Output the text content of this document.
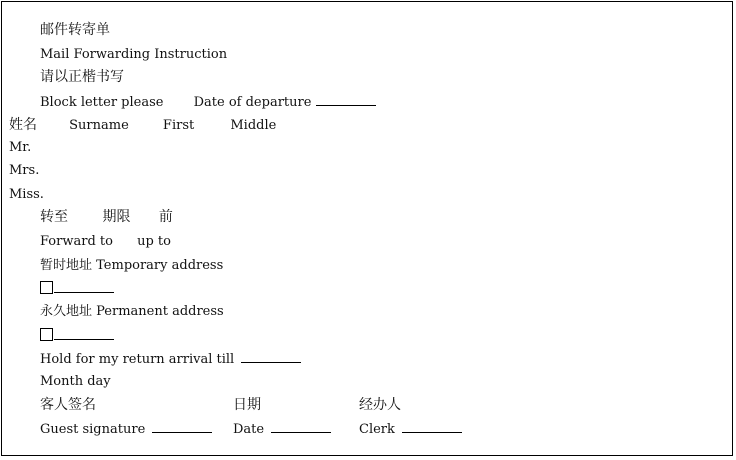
邮件转寄单
Mail Forwarding Instruction
请以正楷书写
Block letter please Date of departure
姓名 Surname	First	Middle
Mr.
Mrs.
Miss.
转至 期限 前
Forward to up to
暂时地址 Temporary address
永久地址 Permanent address
Hold for my return arrival till
Month day
客人签名	日期	经办人
Guest signature	Date	Clerk
